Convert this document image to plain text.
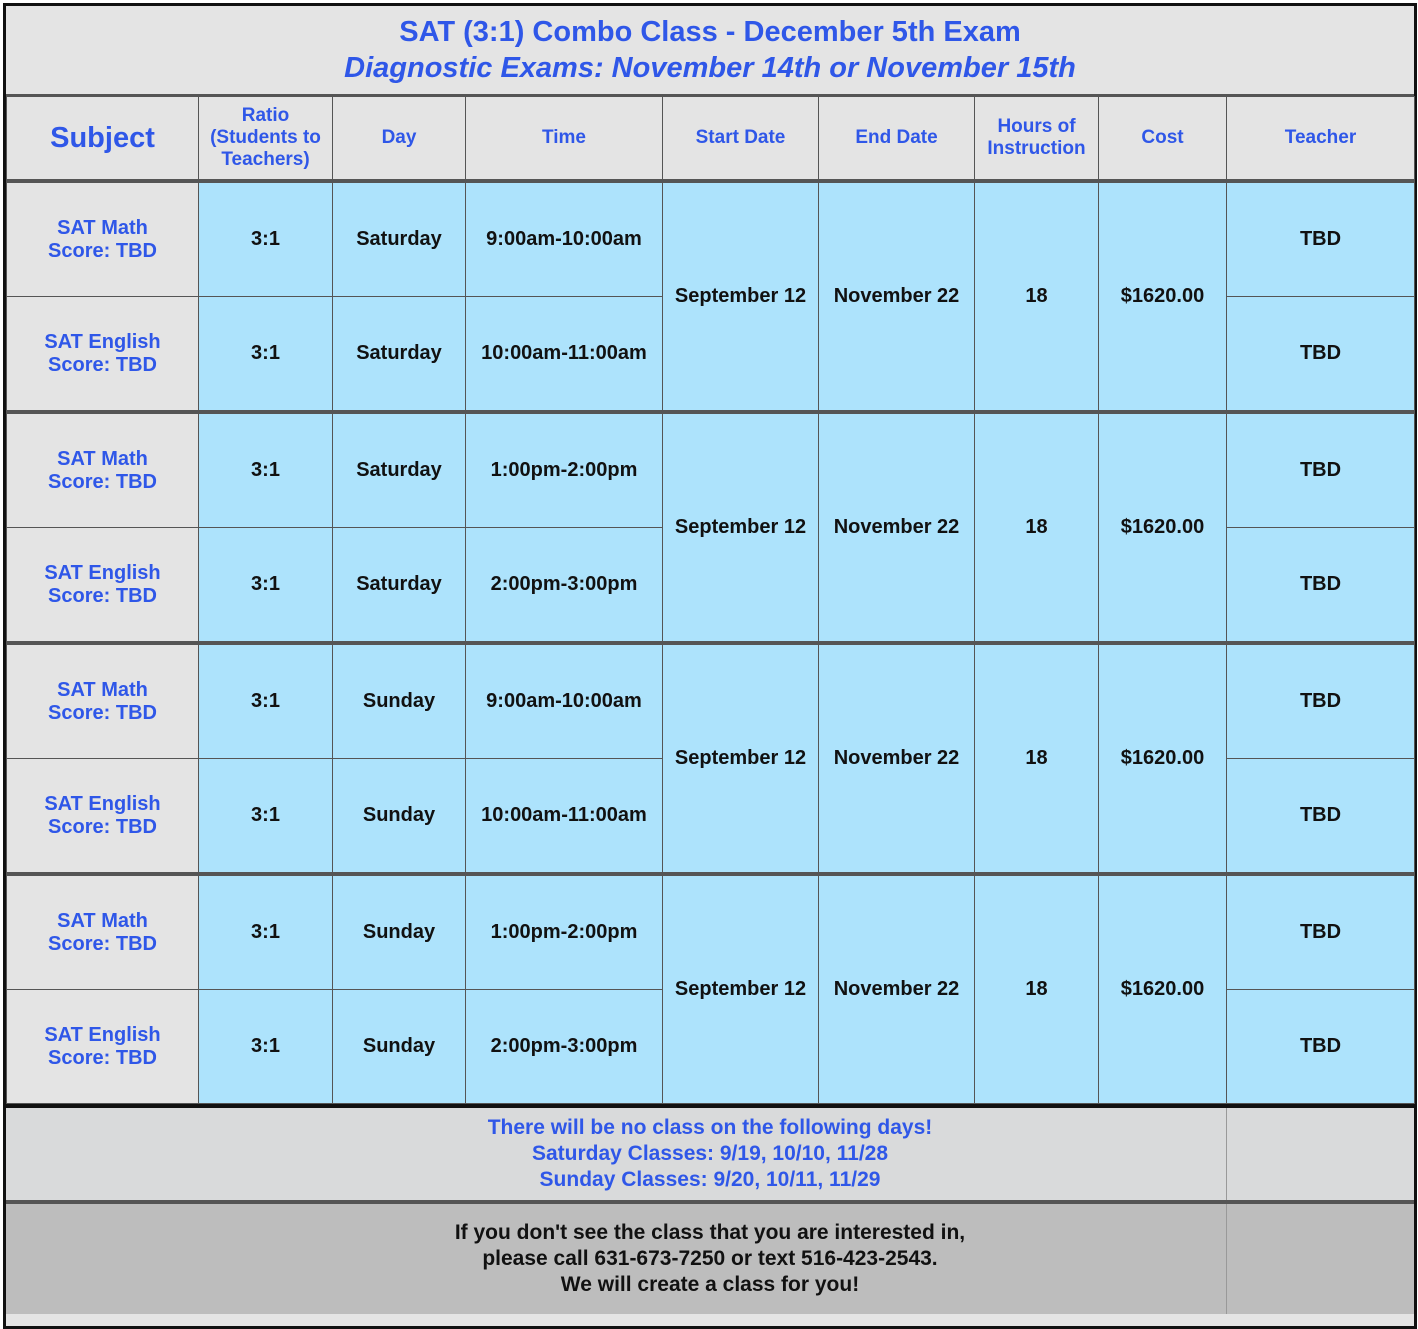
SAT (3:1) Combo Class - December 5th Exam
Diagnostic Exams: November 14th or November 15th
Subject	Ratio (Students to Teachers)	Day	Time	Start Date	End Date	Hours of Instruction	Cost	Teacher

SAT Math
Score: TBD	3:1	Saturday	9:00am-10:00am	September 12	November 22	18	$1620.00	TBD

SAT English
Score: TBD	3:1	Saturday	10:00am-11:00am					TBD

SAT Math
Score: TBD	3:1	Saturday	1:00pm-2:00pm	September 12	November 22	18	$1620.00	TBD

SAT English
Score: TBD	3:1	Saturday	2:00pm-3:00pm					TBD

SAT Math
Score: TBD	3:1	Sunday	9:00am-10:00am	September 12	November 22	18	$1620.00	TBD

SAT English
Score: TBD	3:1	Sunday	10:00am-11:00am					TBD

SAT Math
Score: TBD	3:1	Sunday	1:00pm-2:00pm	September 12	November 22	18	$1620.00	TBD

SAT English
Score: TBD	3:1	Sunday	2:00pm-3:00pm					TBD
There will be no class on the following days!
Saturday Classes: 9/19, 10/10, 11/28
Sunday Classes: 9/20, 10/11, 11/29
If you don't see the class that you are interested in,
please call 631-673-7250 or text 516-423-2543.
We will create a class for you!
